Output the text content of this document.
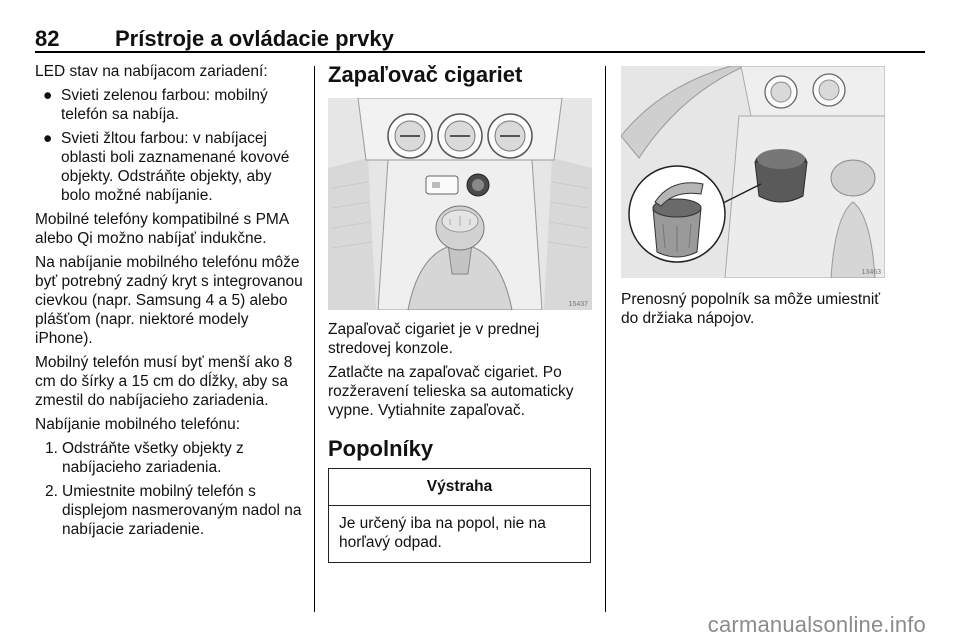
82	Prístroje a ovládacie prvky

LED stav na nabíjacom zariadení:

● Svieti zelenou farbou: mobilný telefón sa nabíja.
● Svieti žltou farbou: v nabíjacej oblasti boli zaznamenané kovové objekty. Odstráňte objekty, aby bolo možné nabíjanie.

Mobilné telefóny kompatibilné s PMA alebo Qi možno nabíjať indukčne.

Na nabíjanie mobilného telefónu môže byť potrebný zadný kryt s integrovanou cievkou (napr. Samsung 4 a 5) alebo plášťom (napr. niektoré modely iPhone).

Mobilný telefón musí byť menší ako 8 cm do šírky a 15 cm do dĺžky, aby sa zmestil do nabíjacieho zariadenia.

Nabíjanie mobilného telefónu:

1. Odstráňte všetky objekty z nabíjacieho zariadenia.
2. Umiestnite mobilný telefón s displejom nasmerovaným nadol na nabíjacie zariadenie.
Zapaľovač cigariet
15437

Zapaľovač cigariet je v prednej stredovej konzole.

Zatlačte na zapaľovač cigariet. Po rozžeravení telieska sa automaticky vypne. Vytiahnite zapaľovač.

Popolníky
Výstraha
Je určený iba na popol, nie na horľavý odpad.
13463

Prenosný popolník sa môže umiestniť do držiaka nápojov.

carmanualsonline.info
